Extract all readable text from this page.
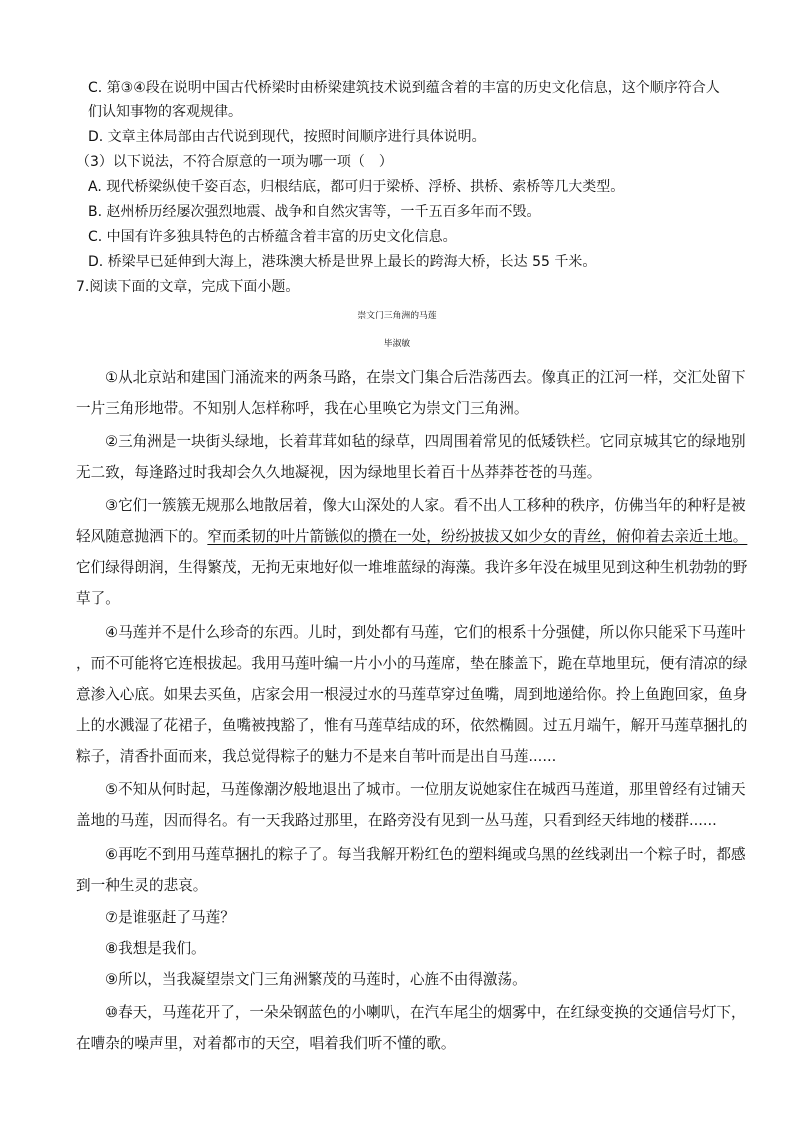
C. 第③④段在说明中国古代桥梁时由桥梁建筑技术说到蕴含着的丰富的历史文化信息，这个顺序符合人
们认知事物的客观规律。
D. 文章主体局部由古代说到现代，按照时间顺序进行具体说明。
（3）以下说法，不符合原意的一项为哪一项（　）
A. 现代桥梁纵使千姿百态，归根结底，都可归于梁桥、浮桥、拱桥、索桥等几大类型。
B. 赵州桥历经屡次强烈地震、战争和自然灾害等，一千五百多年而不毁。
C. 中国有许多独具特色的古桥蕴含着丰富的历史文化信息。
D. 桥梁早已延伸到大海上，港珠澳大桥是世界上最长的跨海大桥，长达 55 千米。
7.阅读下面的文章，完成下面小题。
崇文门三角洲的马莲
毕淑敏
①从北京站和建国门涌流来的两条马路，在崇文门集合后浩荡西去。像真正的江河一样，交汇处留下
一片三角形地带。不知别人怎样称呼，我在心里唤它为崇文门三角洲。
②三角洲是一块街头绿地，长着茸茸如毡的绿草，四周围着常见的低矮铁栏。它同京城其它的绿地别
无二致，每逢路过时我却会久久地凝视，因为绿地里长着百十丛莽莽苍苍的马莲。
③它们一簇簇无规那么地散居着，像大山深处的人家。看不出人工移种的秩序，仿佛当年的种籽是被
轻风随意抛洒下的。窄而柔韧的叶片箭镞似的攒在一处，纷纷披拔又如少女的青丝，俯仰着去亲近土地。
它们绿得朗润，生得繁茂，无拘无束地好似一堆堆蓝绿的海藻。我许多年没在城里见到这种生机勃勃的野
草了。
④马莲并不是什么珍奇的东西。儿时，到处都有马莲，它们的根系十分强健，所以你只能采下马莲叶
，而不可能将它连根拔起。我用马莲叶编一片小小的马莲席，垫在膝盖下，跪在草地里玩，便有清凉的绿
意渗入心底。如果去买鱼，店家会用一根浸过水的马莲草穿过鱼嘴，周到地递给你。拎上鱼跑回家，鱼身
上的水溅湿了花裙子，鱼嘴被拽豁了，惟有马莲草结成的环，依然椭圆。过五月端午，解开马莲草捆扎的
粽子，清香扑面而来，我总觉得粽子的魅力不是来自苇叶而是出自马莲......
⑤不知从何时起，马莲像潮汐般地退出了城市。一位朋友说她家住在城西马莲道，那里曾经有过铺天
盖地的马莲，因而得名。有一天我路过那里，在路旁没有见到一丛马莲，只看到经天纬地的楼群......
⑥再吃不到用马莲草捆扎的粽子了。每当我解开粉红色的塑料绳或乌黑的丝线剥出一个粽子时，都感
到一种生灵的悲哀。
⑦是谁驱赶了马莲？
⑧我想是我们。
⑨所以，当我凝望崇文门三角洲繁茂的马莲时，心旌不由得激荡。
⑩春天，马莲花开了，一朵朵钢蓝色的小喇叭，在汽车尾尘的烟雾中，在红绿变换的交通信号灯下，
在嘈杂的噪声里，对着都市的天空，唱着我们听不懂的歌。
